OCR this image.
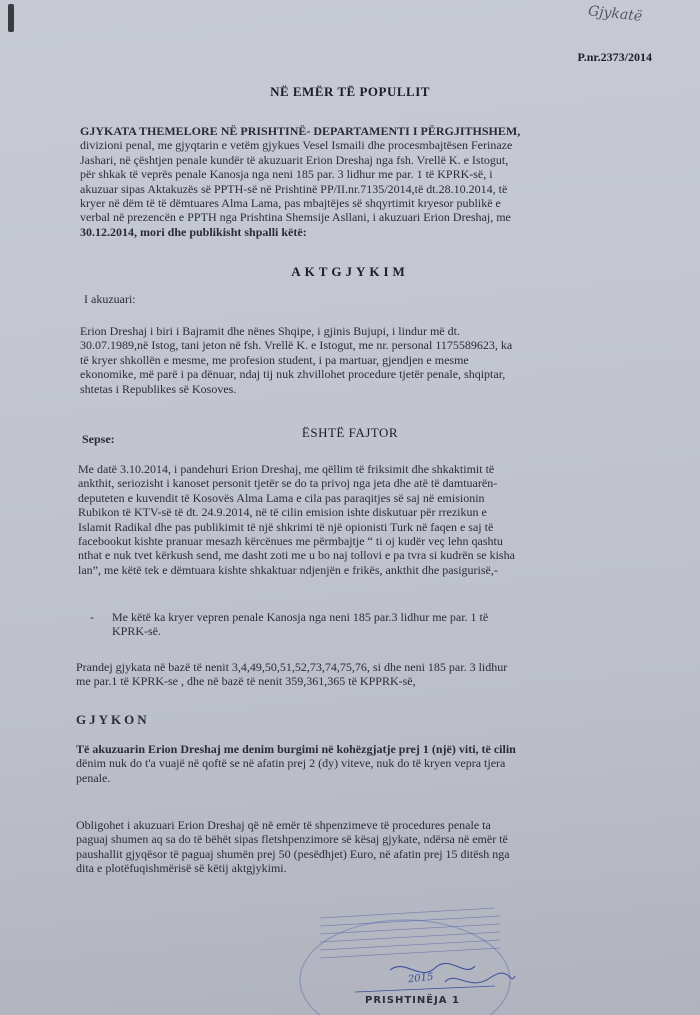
Gjykatë
P.nr.2373/2014
NË EMËR TË POPULLIT
GJYKATA THEMELORE NË PRISHTINË- DEPARTAMENTI I PËRGJITHSHEM,
divizioni penal, me gjyqtarin e vetëm gjykues Vesel Ismaili dhe procesmbajtësen Ferinaze
Jashari, në çështjen penale kundër të akuzuarit Erion Dreshaj nga fsh. Vrellë K. e Istogut,
për shkak të veprës penale Kanosja nga neni 185 par. 3 lidhur me par. 1 të KPRK-së, i
akuzuar sipas Aktakuzës së PPTH-së në Prishtinë PP/II.nr.7135/2014,të dt.28.10.2014, të
kryer në dëm të të dëmtuares Alma Lama, pas mbajtëjes së shqyrtimit kryesor publikë e
verbal në prezencën e PPTH nga Prishtina Shemsije Asllani, i akuzuari Erion Dreshaj, me
30.12.2014, mori dhe publikisht shpalli këtë:
AKTGJYKIM
I akuzuari:
Erion Dreshaj i biri i Bajramit dhe nënes Shqipe, i gjinis Bujupi, i lindur më dt.
30.07.1989,në Istog, tani jeton në fsh. Vrellë K. e Istogut, me nr. personal 1175589623, ka
të kryer shkollën e mesme, me profesion student, i pa martuar, gjendjen e mesme
ekonomike, më parë i pa dënuar, ndaj tij nuk zhvillohet procedure tjetër penale, shqiptar,
shtetas i Republikes së Kosoves.
ËSHTË FAJTOR
Sepse:
Me datë 3.10.2014, i pandehuri Erion Dreshaj, me qëllim të friksimit dhe shkaktimit të
ankthit, seriozisht i kanoset personit tjetër se do ta privoj nga jeta dhe atë të damtuarën-
deputeten e kuvendit të Kosovës Alma Lama e cila pas paraqitjes së saj në emisionin
Rubikon të KTV-së të dt. 24.9.2014, në të cilin emision ishte diskutuar për rrezikun e
Islamit Radikal dhe pas publikimit të një shkrimi të një opionisti Turk në faqen e saj të
facebookut kishte pranuar mesazh kërcënues me përmbajtje “ ti oj kudër veç lehn qashtu
nthat e nuk tvet kërkush send, me dasht zoti me u bo naj tollovi e pa tvra si kudrën se kisha
lan”, me këtë tek e dëmtuara kishte shkaktuar ndjenjën e frikës, ankthit dhe pasigurisë,-
- Me këtë ka kryer vepren penale Kanosja nga neni 185 par.3 lidhur me par. 1 të
KPRK-së.
Prandej gjykata në bazë të nenit 3,4,49,50,51,52,73,74,75,76, si dhe neni 185 par. 3 lidhur
me par.1 të KPRK-se , dhe në bazë të nenit 359,361,365 të KPPRK-së,
GJYKON
Të akuzuarin Erion Dreshaj me denim burgimi në kohëzgjatje prej 1 (një) viti, të cilin
dënim nuk do t'a vuajë në qoftë se në afatin prej 2 (dy) viteve, nuk do të kryen vepra tjera
penale.
Obligohet i akuzuari Erion Dreshaj që në emër të shpenzimeve të procedures penale ta
paguaj shumen aq sa do të bëhët sipas fletshpenzimore së kësaj gjykate, ndërsa në emër të
paushallit gjyqësor të paguaj shumën prej 50 (pesëdhjet) Euro, në afatin prej 15 ditësh nga
dita e plotëfuqishmërisë së këtij aktgjykimi.
PRISHTINËJA 1
2015
